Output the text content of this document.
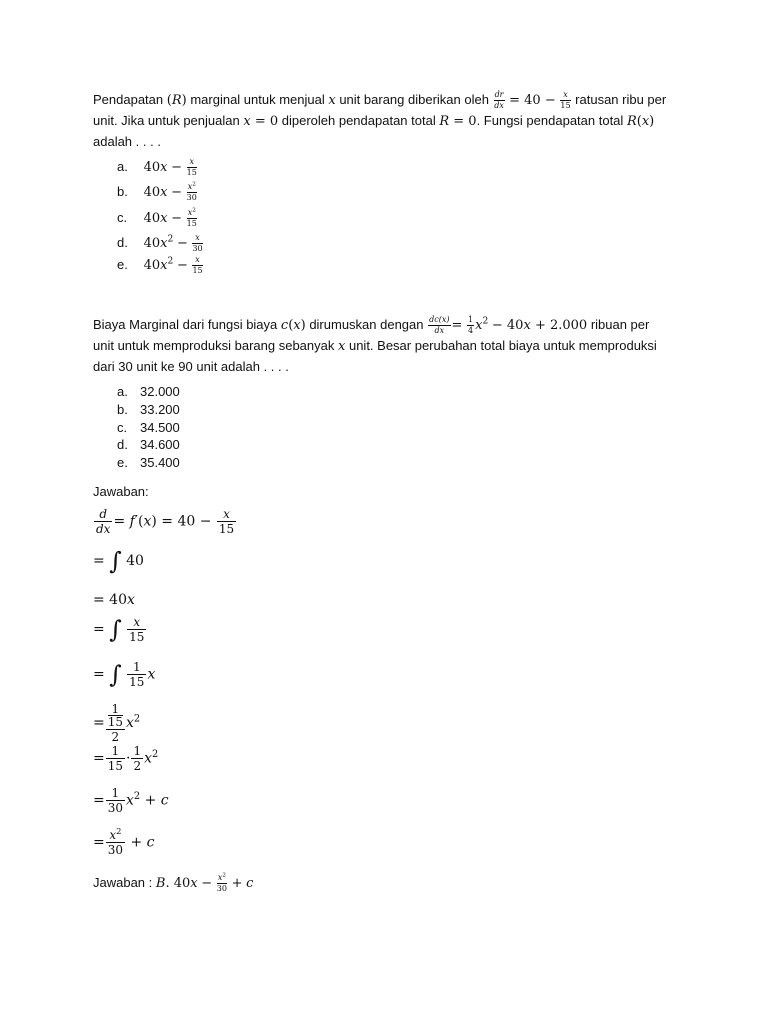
Pendapatan (R) marginal untuk menjual x unit barang diberikan oleh $\frac{dr}{dx} = 40 - \frac{x}{15}$ ratusan ribu per
unit. Jika untuk penjualan x = 0 diperoleh pendapatan total R = 0. Fungsi pendapatan total R(x)
adalah . . . .
a. $40x - \frac{x}{15}$
b. $40x - \frac{x^2}{30}$
c. $40x - \frac{x^2}{15}$
d. $40x^2 - \frac{x}{30}$
e. $40x^2 - \frac{x}{15}$
Biaya Marginal dari fungsi biaya c(x) dirumuskan dengan $\frac{dc(x)}{dx} = \frac{1}{4} x^2 - 40x + 2.000$ ribuan per
unit untuk memproduksi barang sebanyak x unit. Besar perubahan total biaya untuk memproduksi
dari 30 unit ke 90 unit adalah . . . .
a. 32.000
b. 33.200
c. 34.500
d. 34.600
e. 35.400
Jawaban:
$\frac{d}{dx} = f'(x) = 40 - \frac{x}{15}$
= ∫ 40
= 40x
= ∫ $\frac{x}{15}$
= ∫ $\frac{1}{15}$ x
= $\frac{\frac{1}{15}}{2} x^2$
= $\frac{1}{15} \cdot \frac{1}{2} x^2$
= $\frac{1}{30} x^2 + c$
= $\frac{x^2}{30} + c$
Jawaban : B. $40x - \frac{x^2}{30} + c$
